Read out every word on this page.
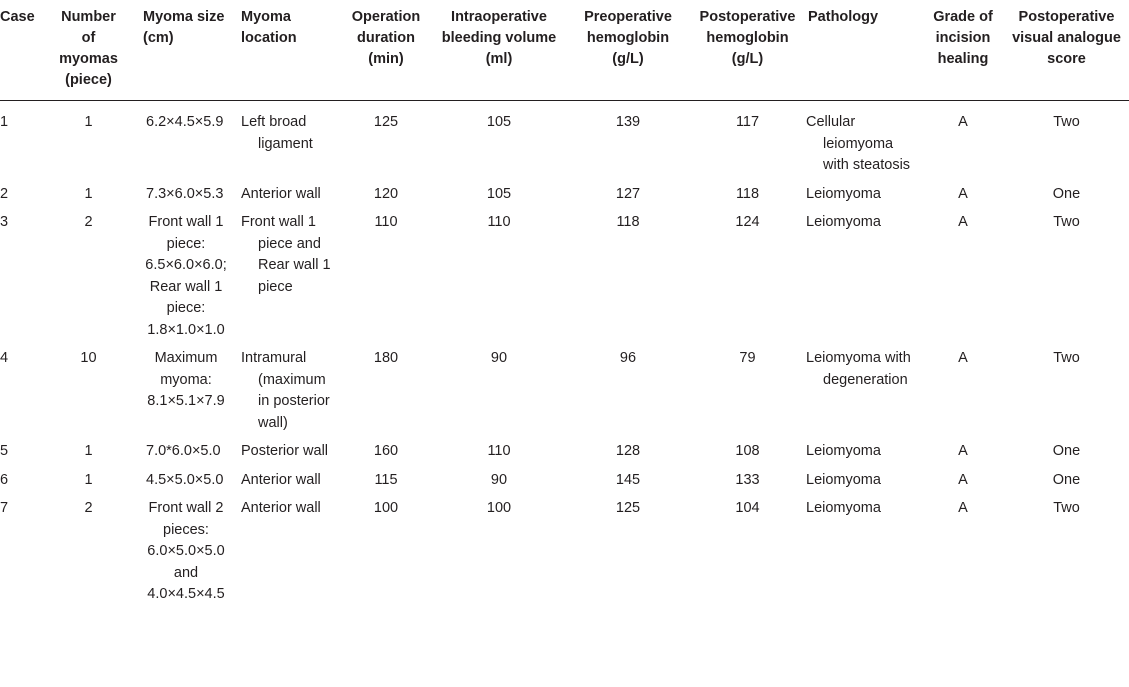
Case	Number of myomas (piece)	Myoma size (cm)	Myoma location	Operation duration (min)	Intraoperative bleeding volume (ml)	Preoperative hemoglobin (g/L)	Postoperative hemoglobin (g/L)	Pathology	Grade of incision healing	Postoperative visual analogue score
1	1	6.2×4.5×5.9	Left broad ligament	125	105	139	117	Cellular leiomyoma with steatosis	A	Two
2	1	7.3×6.0×5.3	Anterior wall	120	105	127	118	Leiomyoma	A	One
3	2	Front wall 1 piece: 6.5×6.0×6.0; Rear wall 1 piece: 1.8×1.0×1.0	Front wall 1 piece and Rear wall 1 piece	110	110	118	124	Leiomyoma	A	Two
4	10	Maximum myoma: 8.1×5.1×7.9	Intramural (maximum in posterior wall)	180	90	96	79	Leiomyoma with degeneration	A	Two
5	1	7.0*6.0×5.0	Posterior wall	160	110	128	108	Leiomyoma	A	One
6	1	4.5×5.0×5.0	Anterior wall	115	90	145	133	Leiomyoma	A	One
7	2	Front wall 2 pieces: 6.0×5.0×5.0 and 4.0×4.5×4.5	Anterior wall	100	100	125	104	Leiomyoma	A	Two
